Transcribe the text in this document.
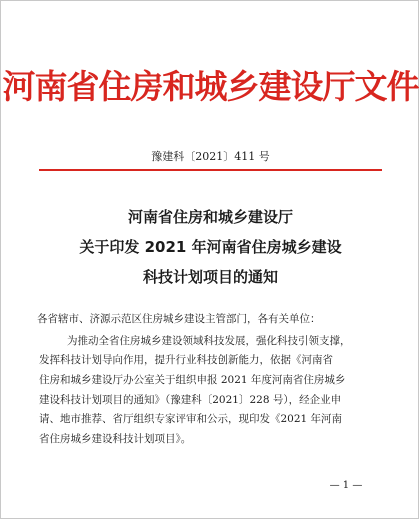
河南省住房和城乡建设厅文件
豫建科〔2021〕411 号
河南省住房和城乡建设厅
关于印发 2021 年河南省住房城乡建设
科技计划项目的通知
各省辖市、济源示范区住房城乡建设主管部门，各有关单位：
为推动全省住房城乡建设领域科技发展，强化科技引领支撑，
发挥科技计划导向作用，提升行业科技创新能力，依据《河南省
住房和城乡建设厅办公室关于组织申报 2021 年度河南省住房城乡
建设科技计划项目的通知》（豫建科〔2021〕228 号），经企业申
请、地市推荐、省厅组织专家评审和公示，现印发《2021 年河南
省住房城乡建设科技计划项目》。
— 1 —
